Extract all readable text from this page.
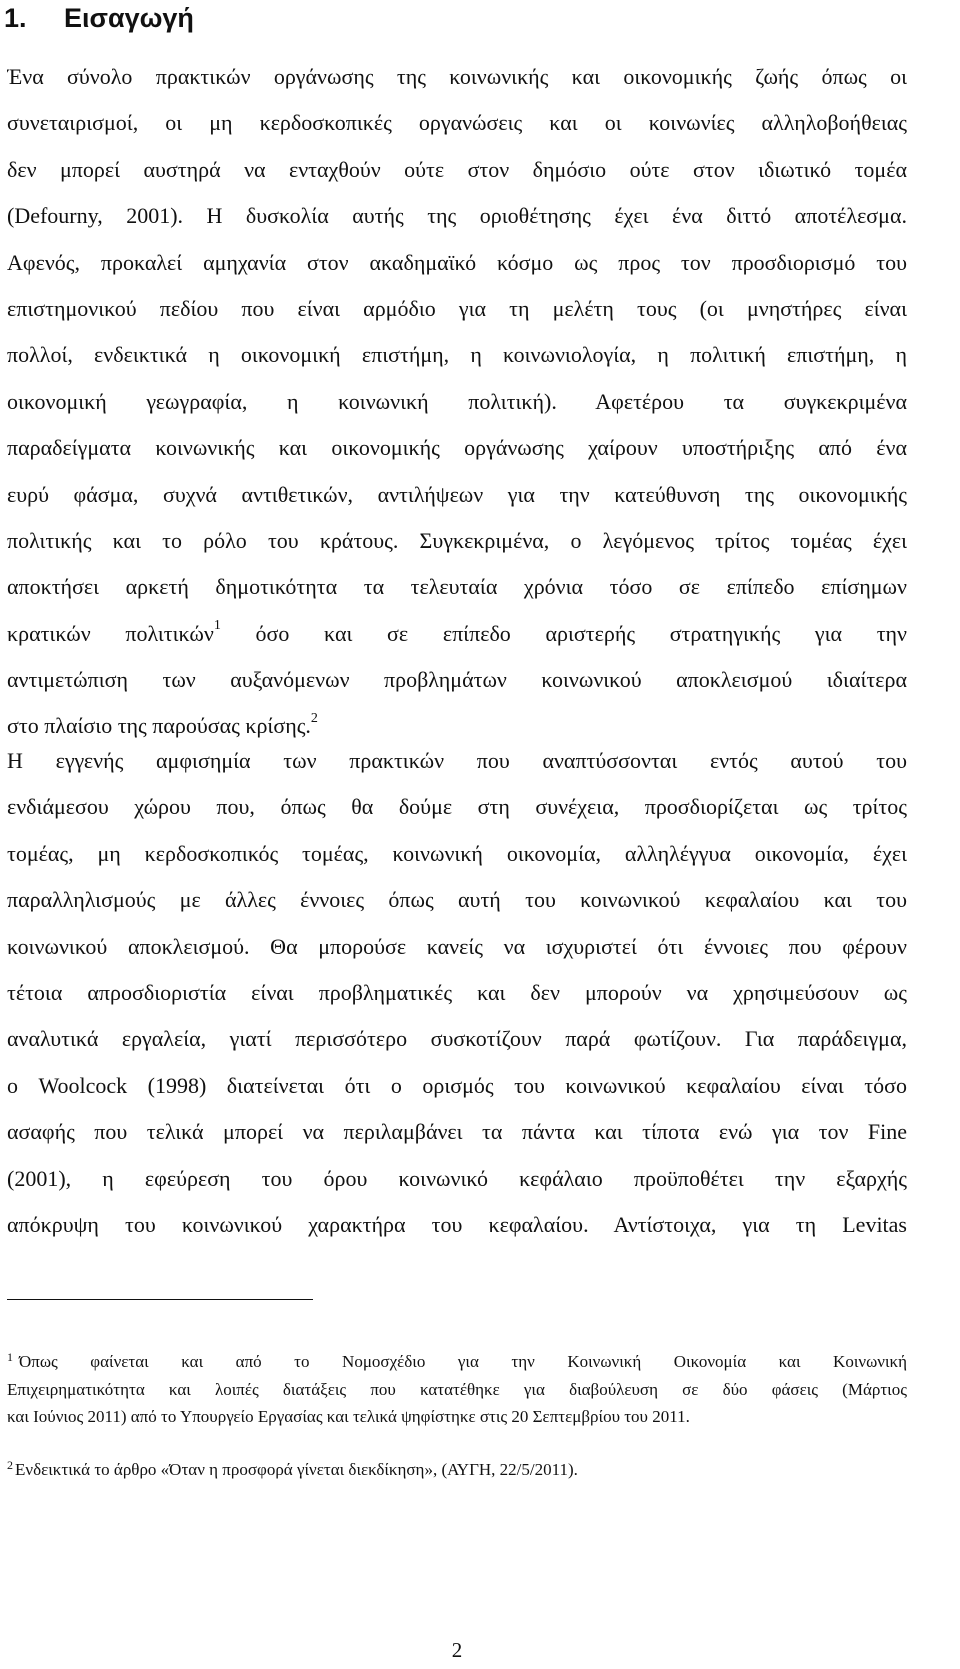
1. Εισαγωγή
Ένα σύνολο πρακτικών οργάνωσης της κοινωνικής και οικονομικής ζωής όπως οι
συνεταιρισμοί, οι μη κερδοσκοπικές οργανώσεις και οι κοινωνίες αλληλοβοήθειας
δεν μπορεί αυστηρά να ενταχθούν ούτε στον δημόσιο ούτε στον ιδιωτικό τομέα
(Defourny, 2001). Η δυσκολία αυτής της οριοθέτησης έχει ένα διττό αποτέλεσμα.
Αφενός, προκαλεί αμηχανία στον ακαδημαϊκό κόσμο ως προς τον προσδιορισμό του
επιστημονικού πεδίου που είναι αρμόδιο για τη μελέτη τους (οι μνηστήρες είναι
πολλοί, ενδεικτικά η οικονομική επιστήμη, η κοινωνιολογία, η πολιτική επιστήμη, η
οικονομική γεωγραφία, η κοινωνική πολιτική). Αφετέρου τα συγκεκριμένα
παραδείγματα κοινωνικής και οικονομικής οργάνωσης χαίρουν υποστήριξης από ένα
ευρύ φάσμα, συχνά αντιθετικών, αντιλήψεων για την κατεύθυνση της οικονομικής
πολιτικής και το ρόλο του κράτους. Συγκεκριμένα, ο λεγόμενος τρίτος τομέας έχει
αποκτήσει αρκετή δημοτικότητα τα τελευταία χρόνια τόσο σε επίπεδο επίσημων
κρατικών πολιτικών$^1$ όσο και σε επίπεδο αριστερής στρατηγικής για την
αντιμετώπιση των αυξανόμενων προβλημάτων κοινωνικού αποκλεισμού ιδιαίτερα
στο πλαίσιο της παρούσας κρίσης.$^2$
Η εγγενής αμφισημία των πρακτικών που αναπτύσσονται εντός αυτού του
ενδιάμεσου χώρου που, όπως θα δούμε στη συνέχεια, προσδιορίζεται ως τρίτος
τομέας, μη κερδοσκοπικός τομέας, κοινωνική οικονομία, αλληλέγγυα οικονομία, έχει
παραλληλισμούς με άλλες έννοιες όπως αυτή του κοινωνικού κεφαλαίου και του
κοινωνικού αποκλεισμού. Θα μπορούσε κανείς να ισχυριστεί ότι έννοιες που φέρουν
τέτοια απροσδιοριστία είναι προβληματικές και δεν μπορούν να χρησιμεύσουν ως
αναλυτικά εργαλεία, γιατί περισσότερο συσκοτίζουν παρά φωτίζουν. Για παράδειγμα,
ο Woolcock (1998) διατείνεται ότι ο ορισμός του κοινωνικού κεφαλαίου είναι τόσο
ασαφής που τελικά μπορεί να περιλαμβάνει τα πάντα και τίποτα ενώ για τον Fine
(2001), η εφεύρεση του όρου κοινωνικό κεφάλαιο προϋποθέτει την εξαρχής
απόκρυψη του κοινωνικού χαρακτήρα του κεφαλαίου. Αντίστοιχα, για τη Levitas
$^1$ Όπως φαίνεται και από το Νομοσχέδιο για την Κοινωνική Οικονομία και Κοινωνική
Επιχειρηματικότητα και λοιπές διατάξεις που κατατέθηκε για διαβούλευση σε δύο φάσεις (Μάρτιος
και Ιούνιος 2011) από το Υπουργείο Εργασίας και τελικά ψηφίστηκε στις 20 Σεπτεμβρίου του 2011.
$^2$ Ενδεικτικά το άρθρο «Όταν η προσφορά γίνεται διεκδίκηση», (ΑΥΓΗ, 22/5/2011).
2
